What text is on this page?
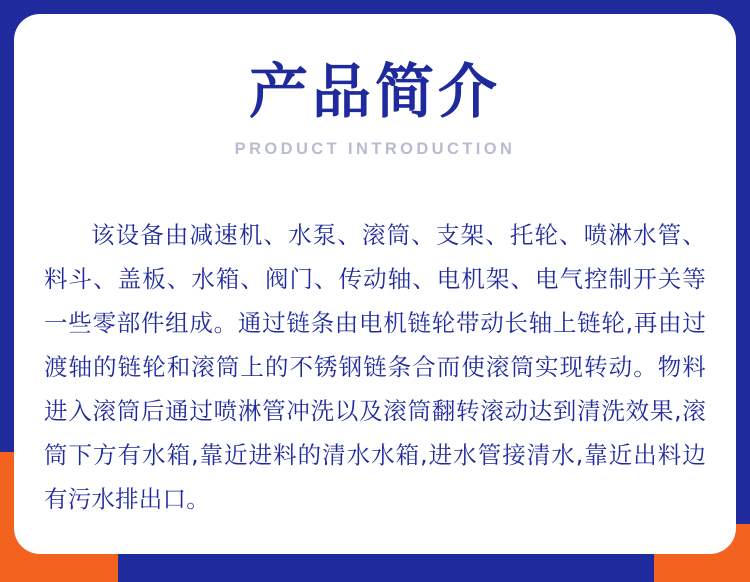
产品简介

PRODUCT INTRODUCTION

该设备由减速机、水泵、滚筒、支架、托轮、喷淋水管、料斗、盖板、水箱、阀门、传动轴、电机架、电气控制开关等一些零部件组成。通过链条由电机链轮带动长轴上链轮,再由过渡轴的链轮和滚筒上的不锈钢链条合而使滚筒实现转动。物料进入滚筒后通过喷淋管冲洗以及滚筒翻转滚动达到清洗效果,滚筒下方有水箱,靠近进料的清水水箱,进水管接清水,靠近出料边有污水排出口。
